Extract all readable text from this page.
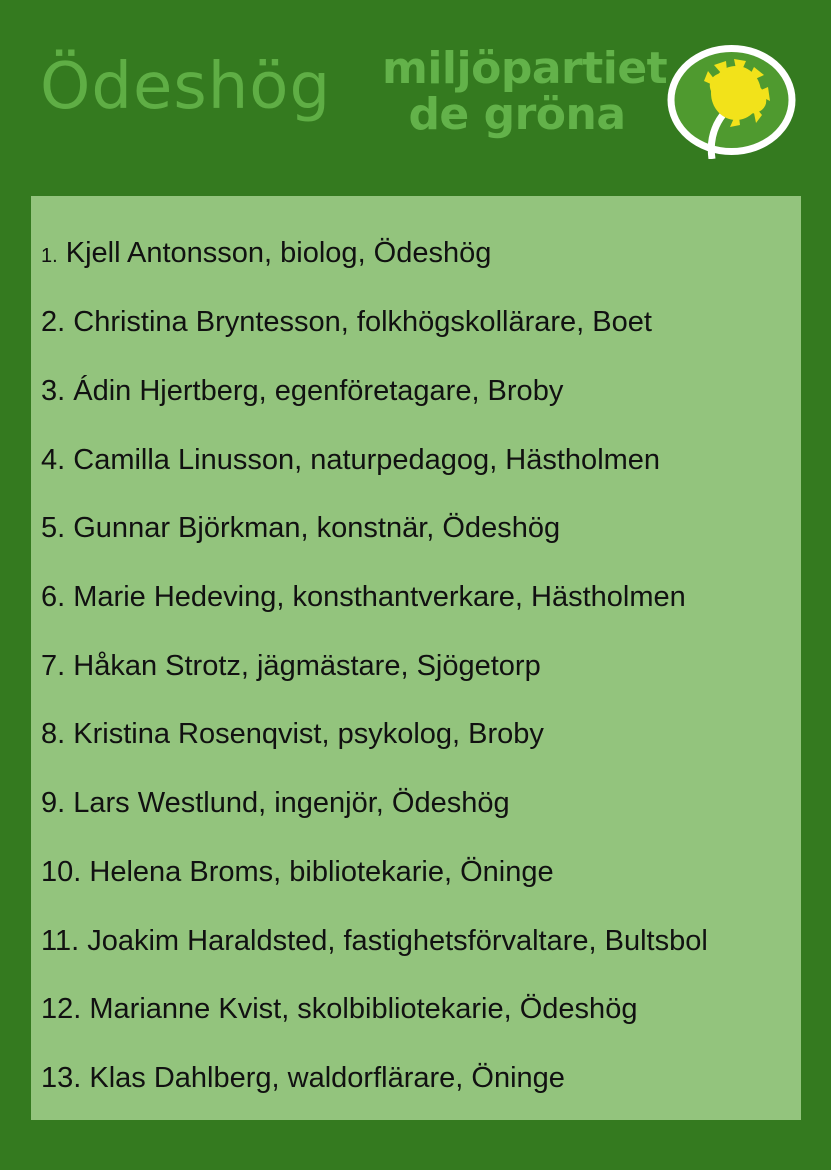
Ödeshög miljöpartiet
de gröna
1. Kjell Antonsson, biolog, Ödeshög
2. Christina Bryntesson, folkhögskollärare, Boet
3. Ádin Hjertberg, egenföretagare, Broby
4. Camilla Linusson, naturpedagog, Hästholmen
5. Gunnar Björkman, konstnär, Ödeshög
6. Marie Hedeving, konsthantverkare, Hästholmen
7. Håkan Strotz, jägmästare, Sjögetorp
8. Kristina Rosenqvist, psykolog, Broby
9. Lars Westlund, ingenjör, Ödeshög
10. Helena Broms, bibliotekarie, Öninge
11. Joakim Haraldsted, fastighetsförvaltare, Bultsbol
12. Marianne Kvist, skolbibliotekarie, Ödeshög
13. Klas Dahlberg, waldorflärare, Öninge
